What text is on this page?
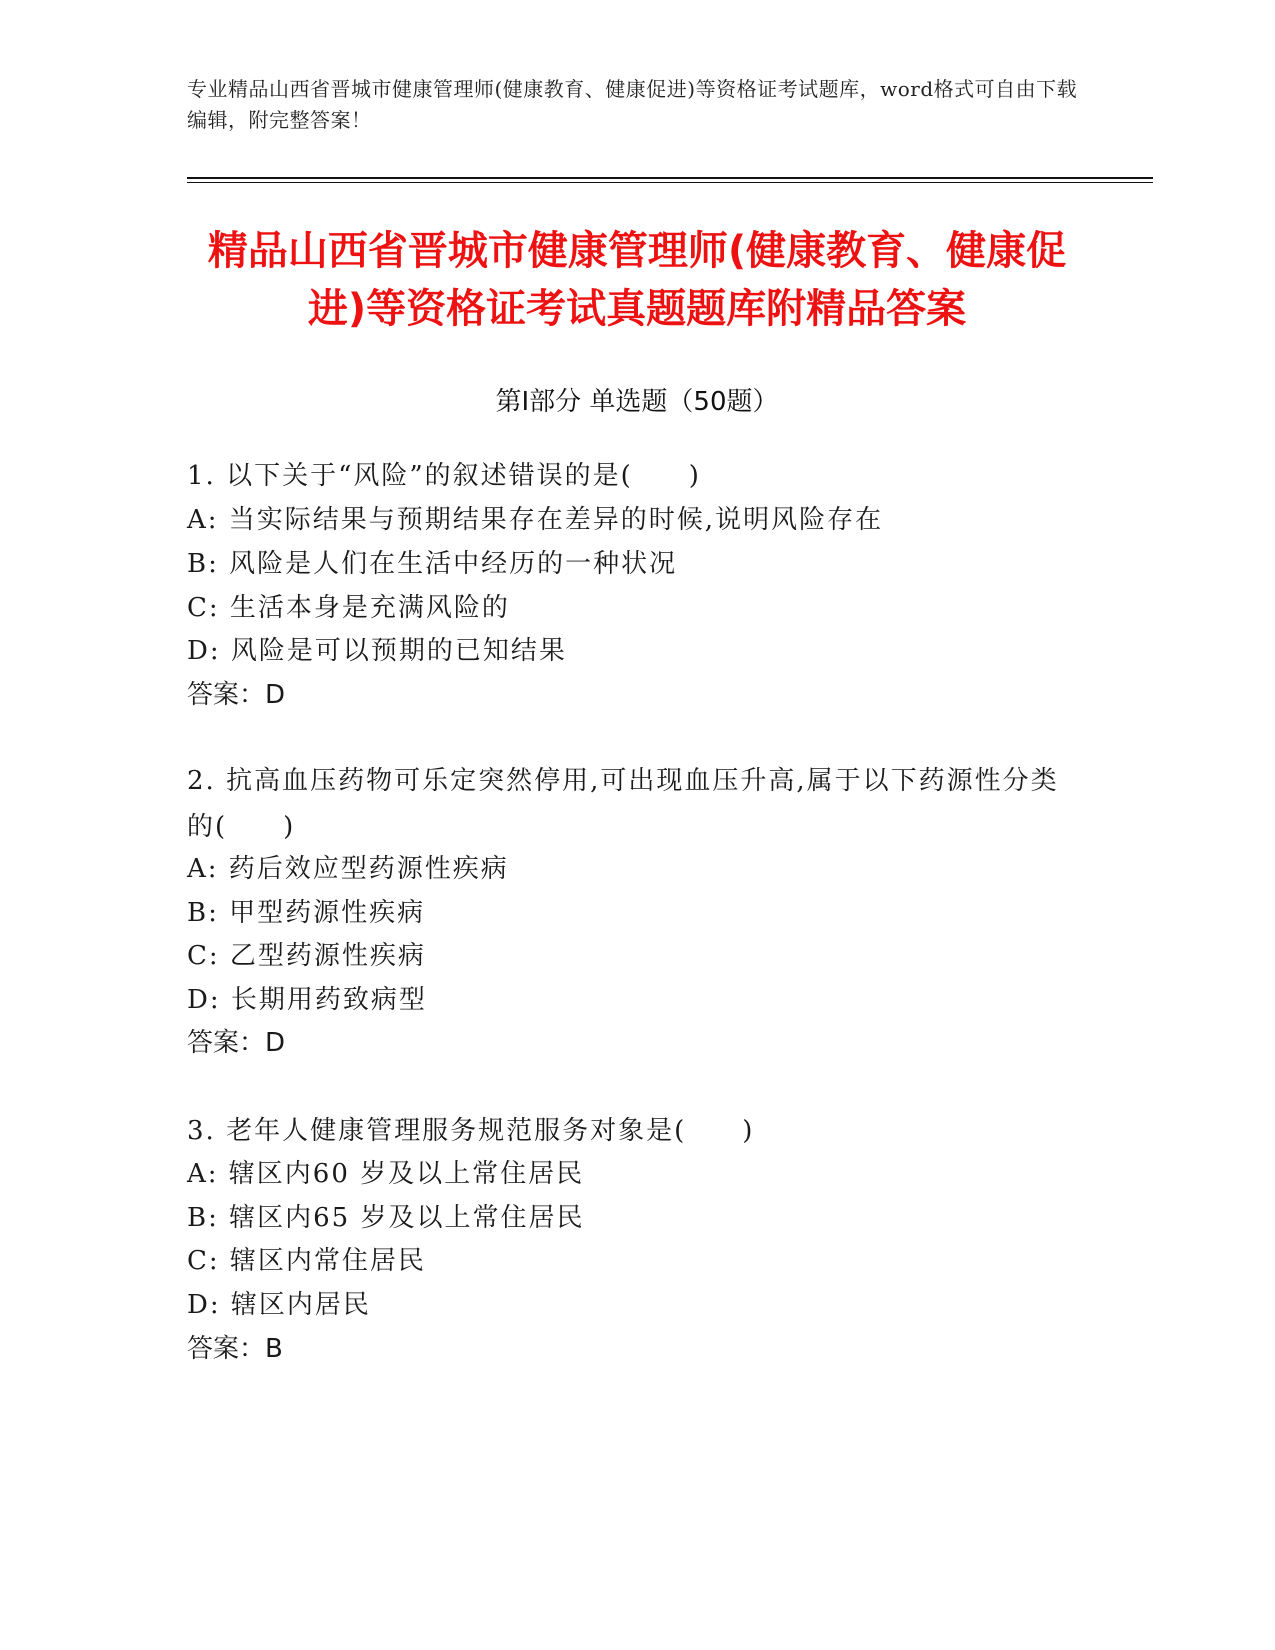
专业精品山西省晋城市健康管理师(健康教育、健康促进)等资格证考试题库，word格式可自由下载编辑，附完整答案！
精品山西省晋城市健康管理师(健康教育、健康促进)等资格证考试真题题库附精品答案
第Ⅰ部分 单选题（50题）
1. 以下关于“风险”的叙述错误的是(　　)
A: 当实际结果与预期结果存在差异的时候,说明风险存在
B: 风险是人们在生活中经历的一种状况
C: 生活本身是充满风险的
D: 风险是可以预期的已知结果
答案：D
2. 抗高血压药物可乐定突然停用,可出现血压升高,属于以下药源性分类的(　　)
A: 药后效应型药源性疾病
B: 甲型药源性疾病
C: 乙型药源性疾病
D: 长期用药致病型
答案：D
3. 老年人健康管理服务规范服务对象是(　　)
A: 辖区内60 岁及以上常住居民
B: 辖区内65 岁及以上常住居民
C: 辖区内常住居民
D: 辖区内居民
答案：B
